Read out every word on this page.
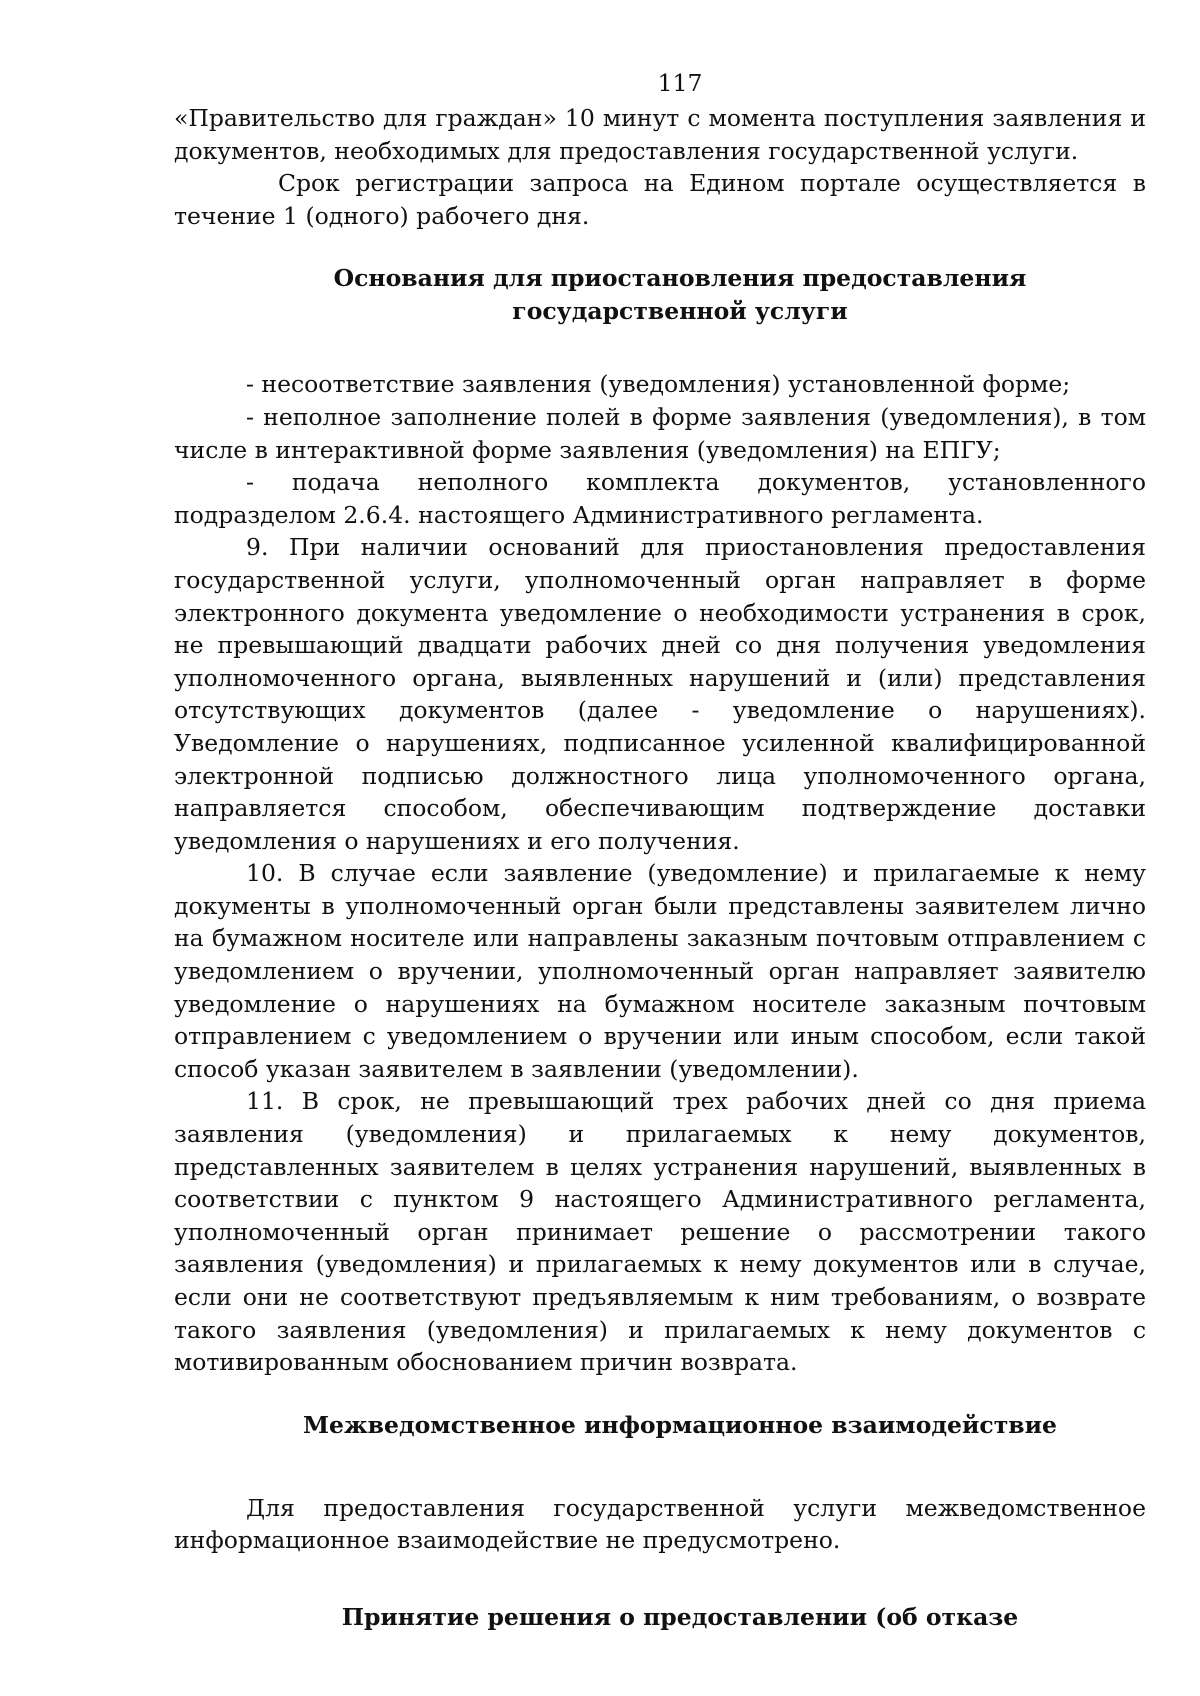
117

«Правительство для граждан» 10 минут с момента поступления заявления и документов, необходимых для предоставления государственной услуги.

Срок регистрации запроса на Едином портале осуществляется в течение 1 (одного) рабочего дня.

Основания для приостановления предоставления государственной услуги

- несоответствие заявления (уведомления) установленной форме;

- неполное заполнение полей в форме заявления (уведомления), в том числе в интерактивной форме заявления (уведомления) на ЕПГУ;

- подача неполного комплекта документов, установленного подразделом 2.6.4. настоящего Административного регламента.

9. При наличии оснований для приостановления предоставления государственной услуги, уполномоченный орган направляет в форме электронного документа уведомление о необходимости устранения в срок, не превышающий двадцати рабочих дней со дня получения уведомления уполномоченного органа, выявленных нарушений и (или) представления отсутствующих документов (далее - уведомление о нарушениях). Уведомление о нарушениях, подписанное усиленной квалифицированной электронной подписью должностного лица уполномоченного органа, направляется способом, обеспечивающим подтверждение доставки уведомления о нарушениях и его получения.

10. В случае если заявление (уведомление) и прилагаемые к нему документы в уполномоченный орган были представлены заявителем лично на бумажном носителе или направлены заказным почтовым отправлением с уведомлением о вручении, уполномоченный орган направляет заявителю уведомление о нарушениях на бумажном носителе заказным почтовым отправлением с уведомлением о вручении или иным способом, если такой способ указан заявителем в заявлении (уведомлении).

11. В срок, не превышающий трех рабочих дней со дня приема заявления (уведомления) и прилагаемых к нему документов, представленных заявителем в целях устранения нарушений, выявленных в соответствии с пунктом 9 настоящего Административного регламента, уполномоченный орган принимает решение о рассмотрении такого заявления (уведомления) и прилагаемых к нему документов или в случае, если они не соответствуют предъявляемым к ним требованиям, о возврате такого заявления (уведомления) и прилагаемых к нему документов с мотивированным обоснованием причин возврата.

Межведомственное информационное взаимодействие

Для предоставления государственной услуги межведомственное информационное взаимодействие не предусмотрено.

Принятие решения о предоставлении (об отказе
